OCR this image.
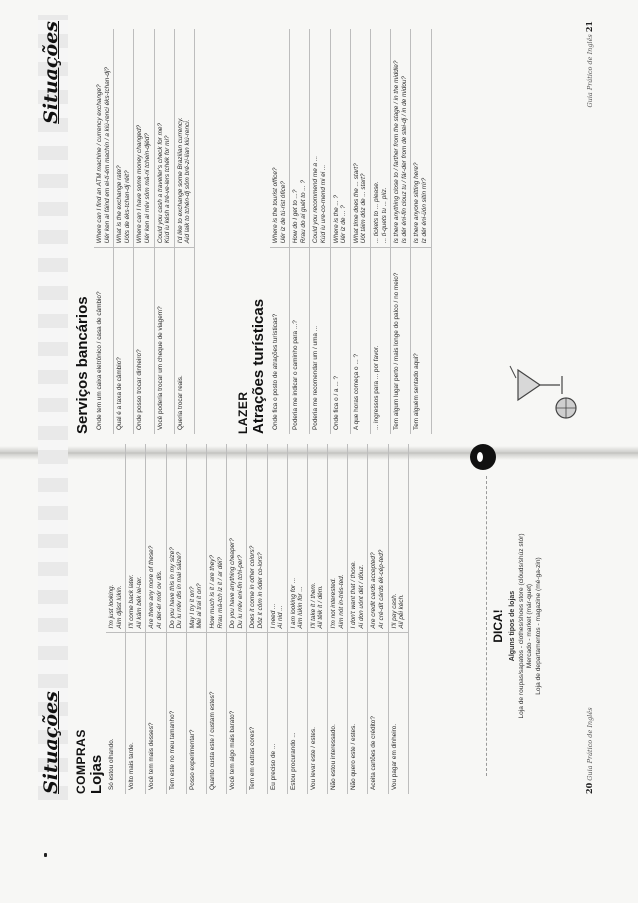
Situações COMPRAS Lojas Só estou olhando.	I'm just looking. Aim djâst lúkin.

Volto mais tarde.	I'll come back later. Ail kâm bék lei-ter.

Você tem mais desses?	Are there any more of these? Ar der-ér mór ov dis.

Tem este no meu tamanho?	Do you have this in my size? Du iu rrév dis in mai sáize?

Posso experimentar?	May I try it on? Mei ai trai it on?

Quanto custa este / custam estes?	How much is it / are they? Rrau mâ-tch iz it / ar déi?

Você tem algo mais barato?	Do you have anything cheaper? Du iu rrév eni-fin tchi-per?

Tem em outras cores?	Does it come in other colors? Dôz it côm in óder co-lors?

Eu preciso de ...	I need ... Ai nid ...

Estou procurando ...	I am looking for ... Aim lúkin for ...

Vou levar este / estes.	I'll take it / them. Ail têik it / dém.

Não estou interessado.	I'm not interested. Aim nót in-trés-ted.

Não quero este / estes.	I don't want that / those. Ai don uónt dét / dôuz.

Aceita cartões de crédito?	Are credit cards accepted? Ar cré-dit cárds ék-cép-ted?

Vou pagar em dinheiro.	I'll pay cash. Ail pêi kéch.	DICA! Alguns tipos de lojas Loja de roupas/sapatos - clothes/shoes store (clôuds/shúz stór) Mercado - market (már-quet) Loja de departamentos - magazine (mé-ga-zin)
20 Guia Prático de Inglês
Situações
Serviços bancários Onde tem um caixa eletrônico / casa de câmbio?	Where can I find an ATM machine / currency exchange? Uér ken ai fáind em ei-ti-ém machín / a kiú-renci éks-tchan-dj?

Qual é a taxa de câmbio?	What is the exchange rate? Uóts de éks-tchan-dj réit?

Onde posso trocar dinheiro?	Where can I have some money changed? Uér ken ai rrév sôm mâ-ni tchein-djéd?

Você poderia trocar um cheque de viagem?	Could you cash a traveller's check for me? Kúd iu késh a tré-ve-lers tchék for mi?

Queria trocar reais.	I'd like to exchange some Brazilian currency. Aid laik to tchén-dj sôm bré-zi-lian kiú-renci.
LAZER Atrações turísticas Onde fica o posto de atrações turísticas?	Where is the tourist office? Uér iz de tú-rist ófice?

Poderia me indicar o caminho para ...?	How do I get to ...? Rrau do ai guét to ... ?

Poderia me recomendar um / uma ...	Could you recommend me a ... Kúd iu ure-co-mend mi ei ...

Onde fica o / a ... ?	Where is the ... ? Uér iz de ... ?

A que horas começa o ... ?	What time does the ... start? Uót táim dóz de ... start?

... ingressos para ... por favor.	... tickets to ... please. ... ti-quets tu ... plíz.

Tem algum lugar perto / mais longe do palco / no meio?	Is there anything close to / farther from the stage / in the middle? Is dér éni-fin clouz tu / fár-der from de stei-dj / in de midou?

Tem alguém sentado aqui?	Is there anyone sitting here? Iz dér éni-üón sitin rrir?
Guia Prático de Inglês 21
